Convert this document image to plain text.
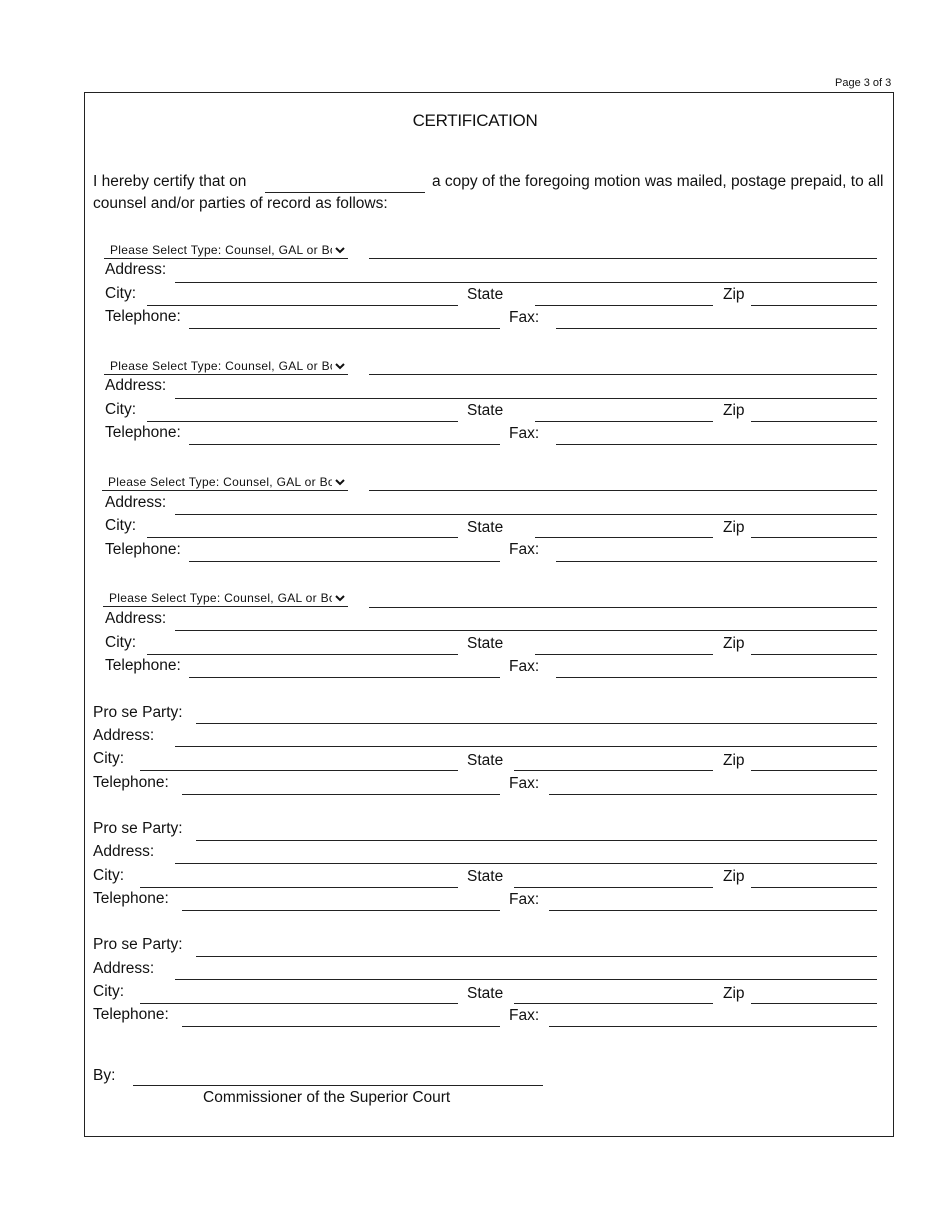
Page 3 of 3
CERTIFICATION
I hereby certify that on	a copy of the foregoing motion was mailed, postage prepaid, to all
counsel and/or parties of record as follows:
Please Select Type: Counsel, GAL or Both
Address:
City:	State	Zip
Telephone:	Fax:
Please Select Type: Counsel, GAL or Both
Address:
City:	State	Zip
Telephone:	Fax:
Please Select Type: Counsel, GAL or Both
Address:
City:	State	Zip
Telephone:	Fax:
Please Select Type: Counsel, GAL or Both
Address:
City:	State	Zip
Telephone:	Fax:
Pro se Party:
Address:
City:	State	Zip
Telephone:	Fax:
Pro se Party:
Address:
City:	State	Zip
Telephone:	Fax:
Pro se Party:
Address:
City:	State	Zip
Telephone:	Fax:
By:
Commissioner of the Superior Court
